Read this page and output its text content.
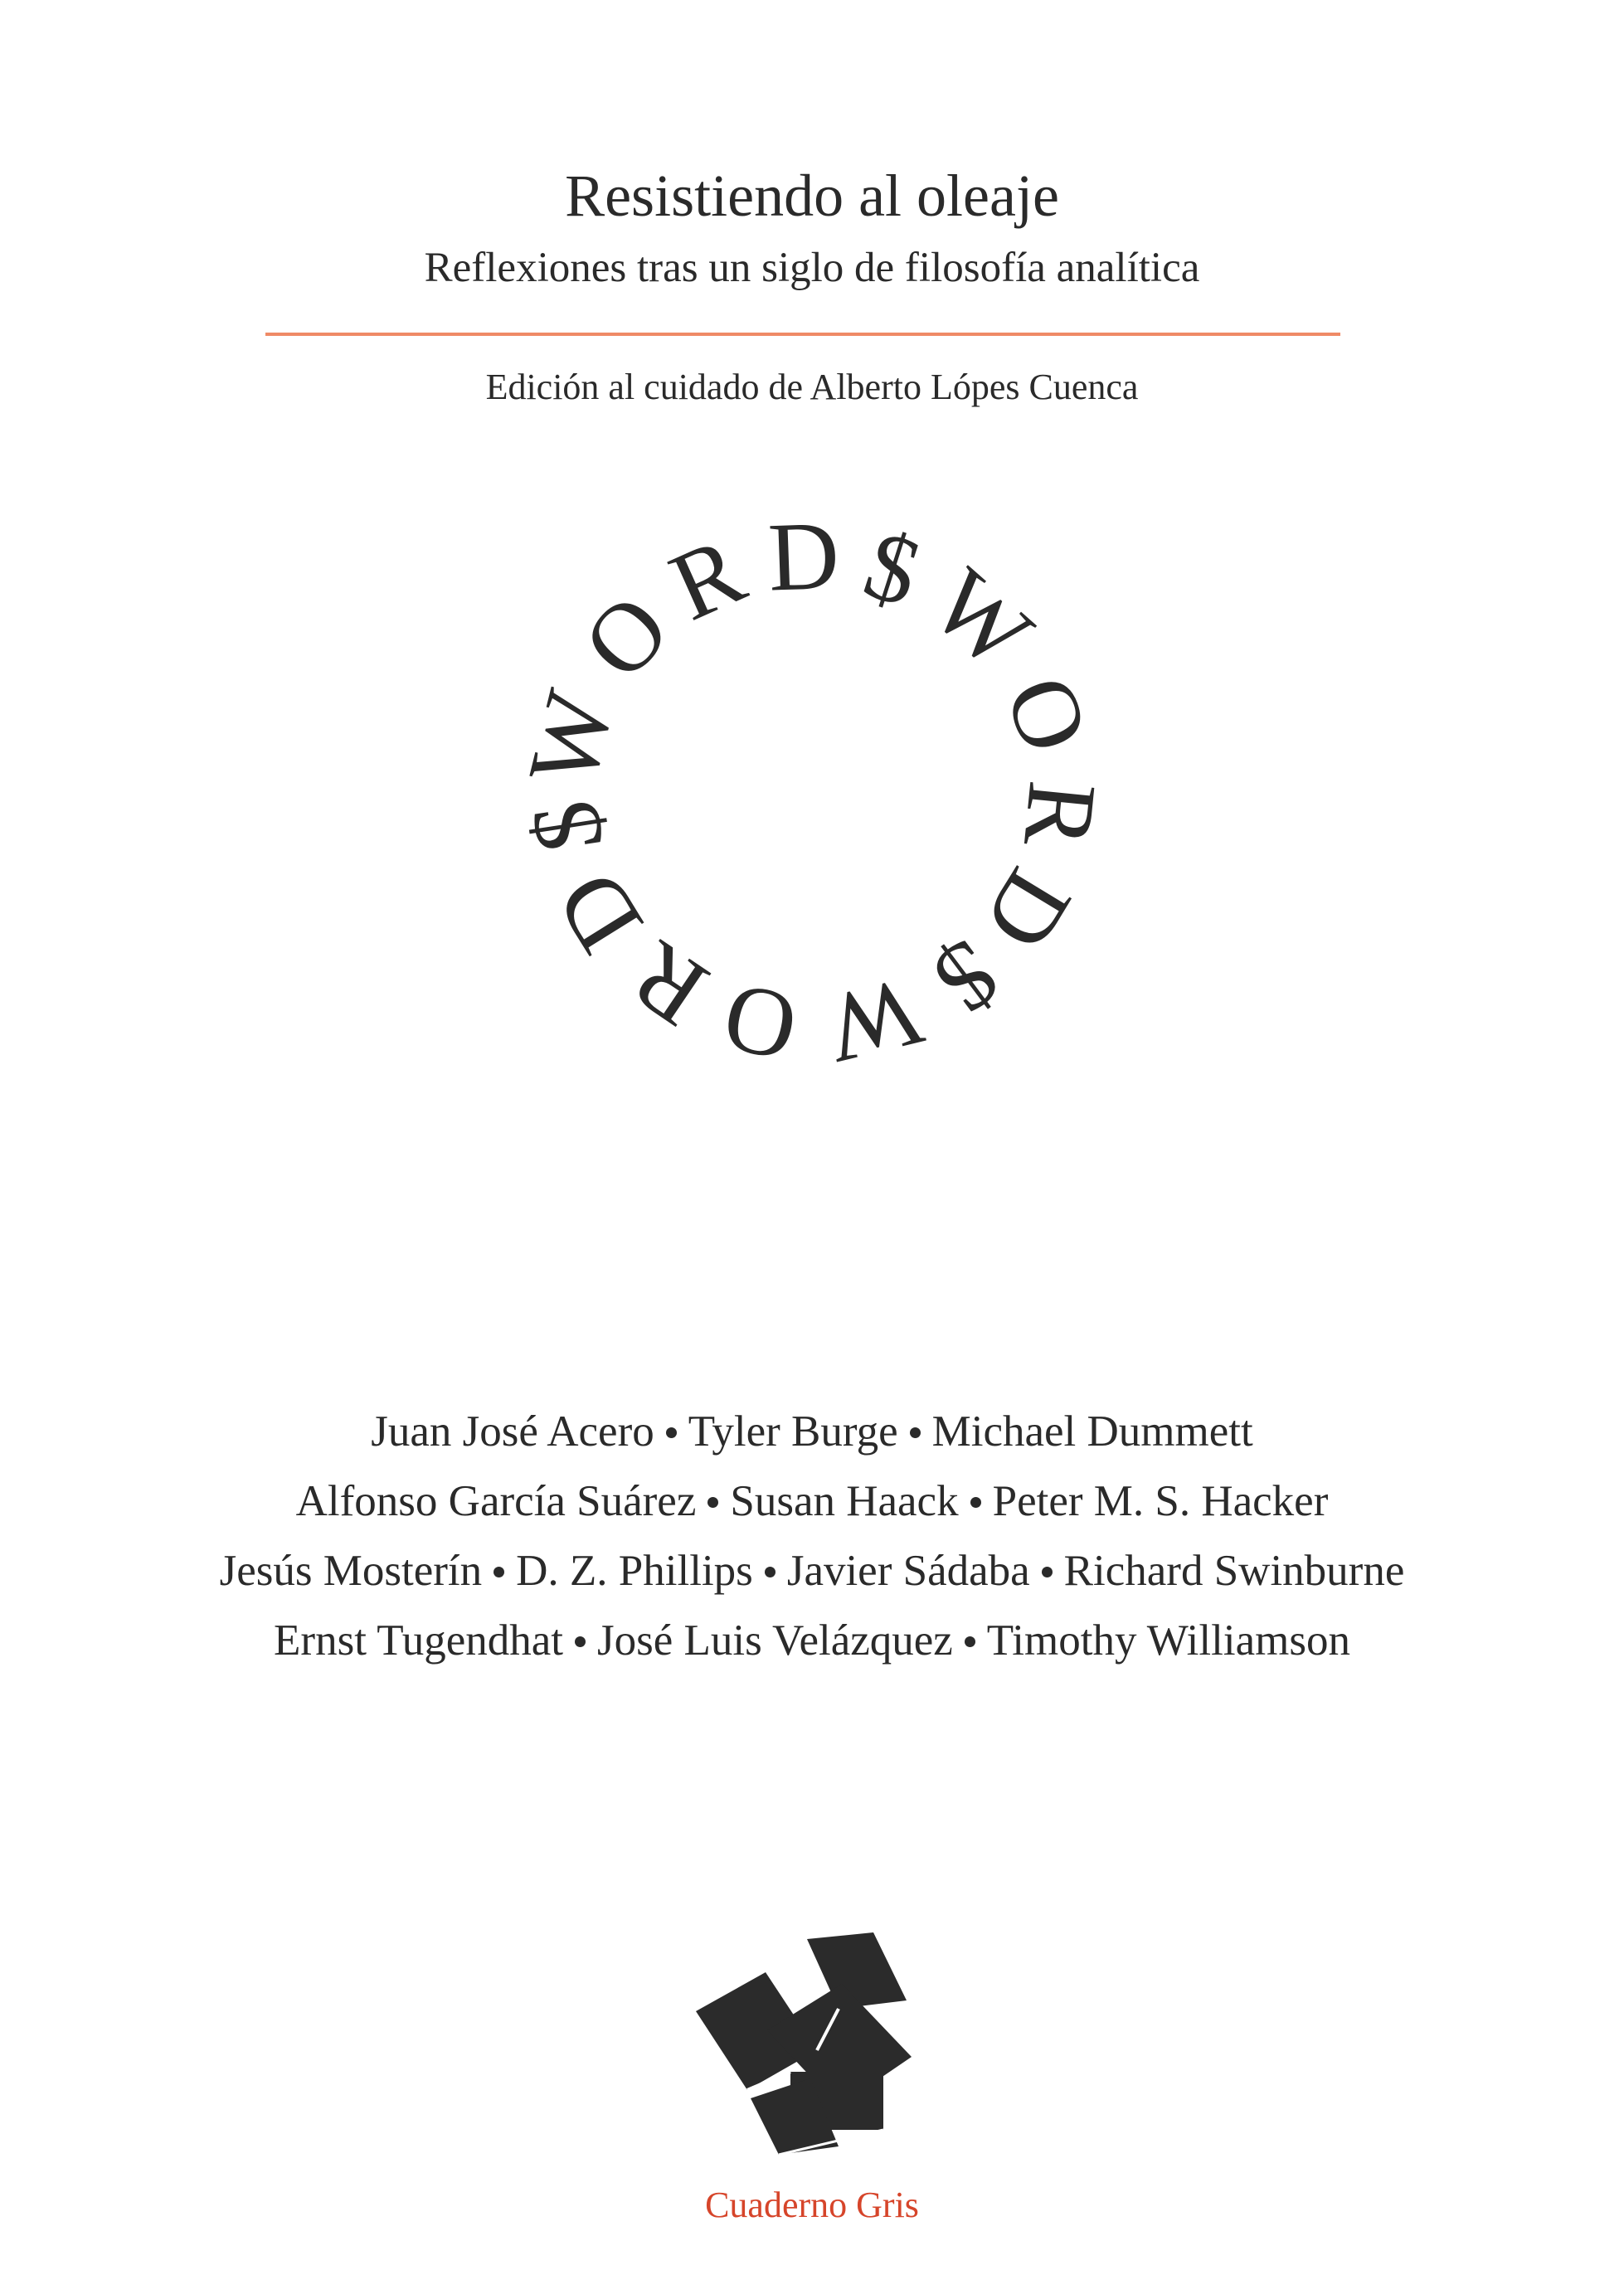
Resistiendo al oleaje
Reflexiones tras un siglo de filosofía analítica
Edición al cuidado de Alberto Lópes Cuenca
WORD$WORD$WORD$
Juan José Acero Tyler Burge Michael Dummett
Alfonso García Suárez Susan Haack Peter M. S. Hacker
Jesús Mosterín D. Z. Phillips Javier Sádaba Richard Swinburne
Ernst Tugendhat José Luis Velázquez Timothy Williamson
Cuaderno Gris
